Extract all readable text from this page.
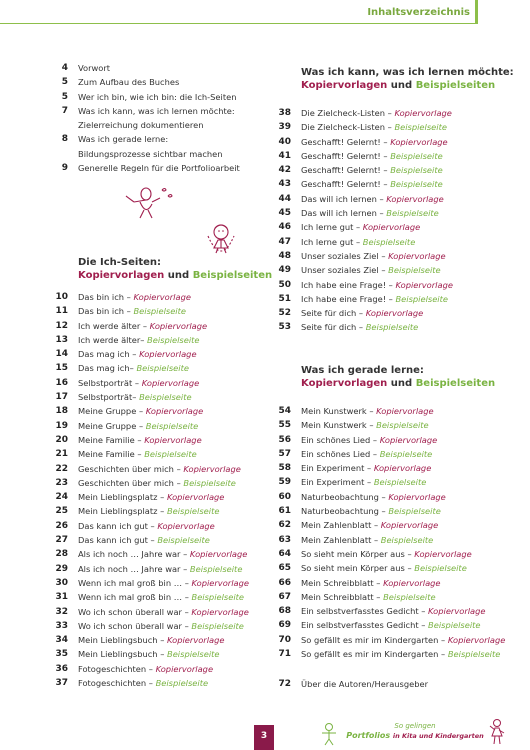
Inhaltsverzeichnis
4 Vorwort
5 Zum Aufbau des Buches
5 Wer ich bin, wie ich bin: die Ich-Seiten
7 Was ich kann, was ich lernen möchte:
Zielerreichung dokumentieren
8 Was ich gerade lerne:
Bildungsprozesse sichtbar machen
9 Generelle Regeln für die Portfolioarbeit
Die Ich-Seiten:
Kopiervorlagen und Beispielseiten
10 Das bin ich – Kopiervorlage
11 Das bin ich – Beispielseite
12 Ich werde älter – Kopiervorlage
13 Ich werde älter– Beispielseite
14 Das mag ich – Kopiervorlage
15 Das mag ich– Beispielseite
16 Selbstporträt – Kopiervorlage
17 Selbstporträt– Beispielseite
18 Meine Gruppe – Kopiervorlage
19 Meine Gruppe – Beispielseite
20 Meine Familie – Kopiervorlage
21 Meine Familie – Beispielseite
22 Geschichten über mich – Kopiervorlage
23 Geschichten über mich – Beispielseite
24 Mein Lieblingsplatz – Kopiervorlage
25 Mein Lieblingsplatz – Beispielseite
26 Das kann ich gut – Kopiervorlage
27 Das kann ich gut – Beispielseite
28 Als ich noch … Jahre war – Kopiervorlage
29 Als ich noch … Jahre war – Beispielseite
30 Wenn ich mal groß bin … – Kopiervorlage
31 Wenn ich mal groß bin … – Beispielseite
32 Wo ich schon überall war – Kopiervorlage
33 Wo ich schon überall war – Beispielseite
34 Mein Lieblingsbuch – Kopiervorlage
35 Mein Lieblingsbuch – Beispielseite
36 Fotogeschichten – Kopiervorlage
37 Fotogeschichten – Beispielseite
Was ich kann, was ich lernen möchte:
Kopiervorlagen und Beispielseiten
38 Die Zielcheck-Listen – Kopiervorlage
39 Die Zielcheck-Listen – Beispielseite
40 Geschafft! Gelernt! – Kopiervorlage
41 Geschafft! Gelernt! – Beispielseite
42 Geschafft! Gelernt! – Beispielseite
43 Geschafft! Gelernt! – Beispielseite
44 Das will ich lernen – Kopiervorlage
45 Das will ich lernen – Beispielseite
46 Ich lerne gut – Kopiervorlage
47 Ich lerne gut – Beispielseite
48 Unser soziales Ziel – Kopiervorlage
49 Unser soziales Ziel – Beispielseite
50 Ich habe eine Frage! – Kopiervorlage
51 Ich habe eine Frage! – Beispielseite
52 Seite für dich – Kopiervorlage
53 Seite für dich – Beispielseite
Was ich gerade lerne:
Kopiervorlagen und Beispielseiten
54 Mein Kunstwerk – Kopiervorlage
55 Mein Kunstwerk – Beispielseite
56 Ein schönes Lied – Kopiervorlage
57 Ein schönes Lied – Beispielseite
58 Ein Experiment – Kopiervorlage
59 Ein Experiment – Beispielseite
60 Naturbeobachtung – Kopiervorlage
61 Naturbeobachtung – Beispielseite
62 Mein Zahlenblatt – Kopiervorlage
63 Mein Zahlenblatt – Beispielseite
64 So sieht mein Körper aus – Kopiervorlage
65 So sieht mein Körper aus – Beispielseite
66 Mein Schreibblatt – Kopiervorlage
67 Mein Schreibblatt – Beispielseite
68 Ein selbstverfasstes Gedicht – Kopiervorlage
69 Ein selbstverfasstes Gedicht – Beispielseite
70 So gefällt es mir im Kindergarten – Kopiervorlage
71 So gefällt es mir im Kindergarten – Beispielseite
72 Über die Autoren/Herausgeber
3
So gelingen
Portfolios in Kita und Kindergarten
